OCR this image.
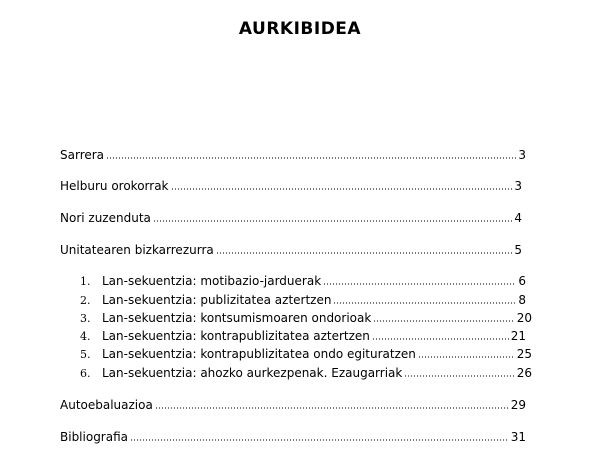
AURKIBIDEA
Sarrera	3
Helburu orokorrak	3
Nori zuzenduta	4
Unitatearen bizkarrezurra	5
1. Lan-sekuentzia: motibazio-jarduerak	6
2. Lan-sekuentzia: publizitatea aztertzen	8
3. Lan-sekuentzia: kontsumismoaren ondorioak	20
4. Lan-sekuentzia: kontrapublizitatea aztertzen	21
5. Lan-sekuentzia: kontrapublizitatea ondo egituratzen	25
6. Lan-sekuentzia: ahozko aurkezpenak. Ezaugarriak	26
Autoebaluazioa	29
Bibliografia	31
